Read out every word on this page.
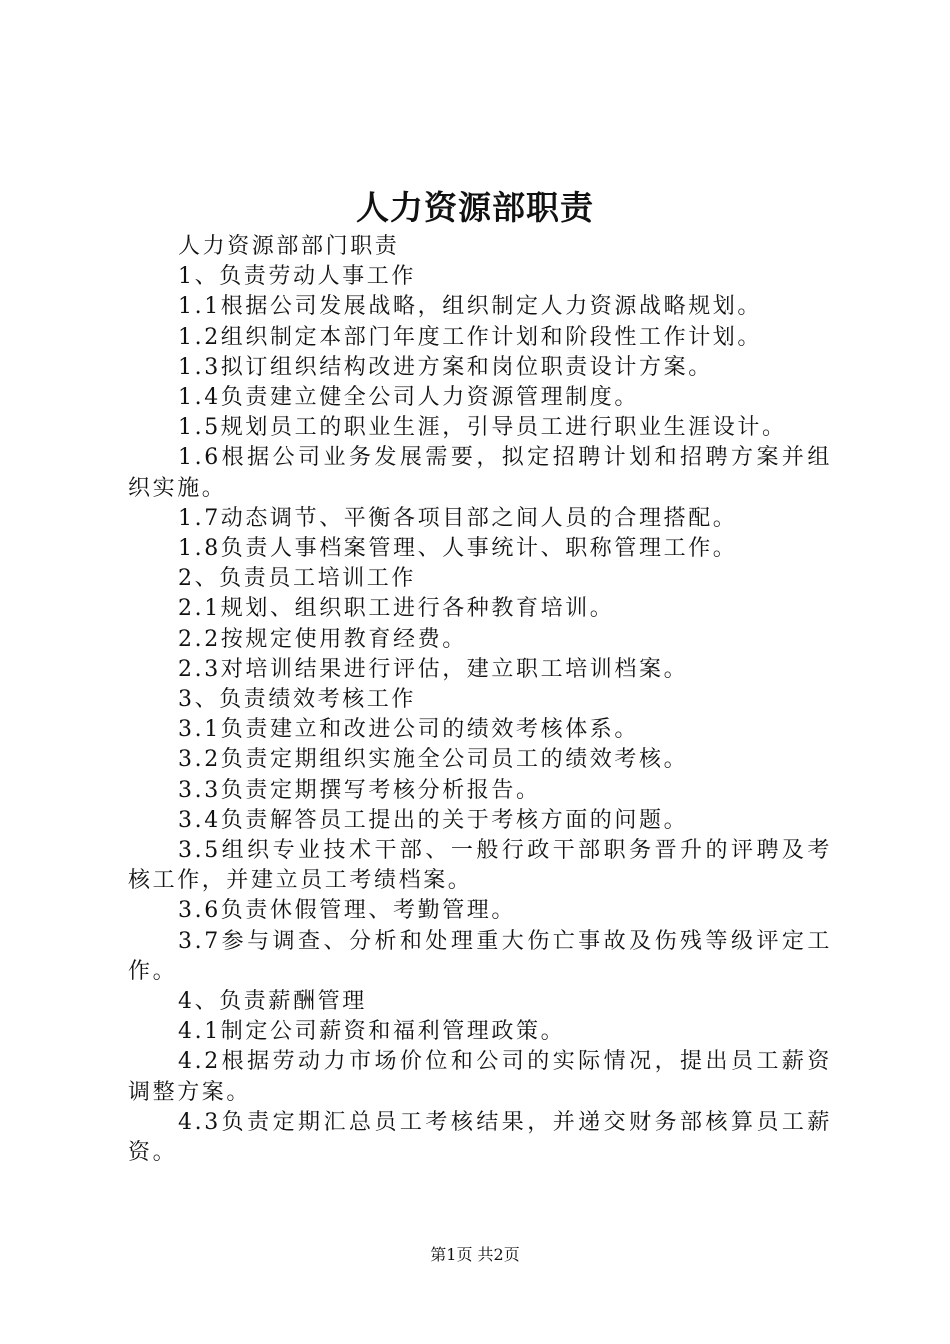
人力资源部职责

人力资源部部门职责

1、负责劳动人事工作

1.1根据公司发展战略，组织制定人力资源战略规划。

1.2组织制定本部门年度工作计划和阶段性工作计划。

1.3拟订组织结构改进方案和岗位职责设计方案。

1.4负责建立健全公司人力资源管理制度。

1.5规划员工的职业生涯，引导员工进行职业生涯设计。

1.6根据公司业务发展需要，拟定招聘计划和招聘方案并组织实施。

1.7动态调节、平衡各项目部之间人员的合理搭配。

1.8负责人事档案管理、人事统计、职称管理工作。

2、负责员工培训工作

2.1规划、组织职工进行各种教育培训。

2.2按规定使用教育经费。

2.3对培训结果进行评估，建立职工培训档案。

3、负责绩效考核工作

3.1负责建立和改进公司的绩效考核体系。

3.2负责定期组织实施全公司员工的绩效考核。

3.3负责定期撰写考核分析报告。

3.4负责解答员工提出的关于考核方面的问题。

3.5组织专业技术干部、一般行政干部职务晋升的评聘及考核工作，并建立员工考绩档案。

3.6负责休假管理、考勤管理。

3.7参与调查、分析和处理重大伤亡事故及伤残等级评定工作。

4、负责薪酬管理

4.1制定公司薪资和福利管理政策。

4.2根据劳动力市场价位和公司的实际情况，提出员工薪资调整方案。

4.3负责定期汇总员工考核结果，并递交财务部核算员工薪资。

第1页 共2页
